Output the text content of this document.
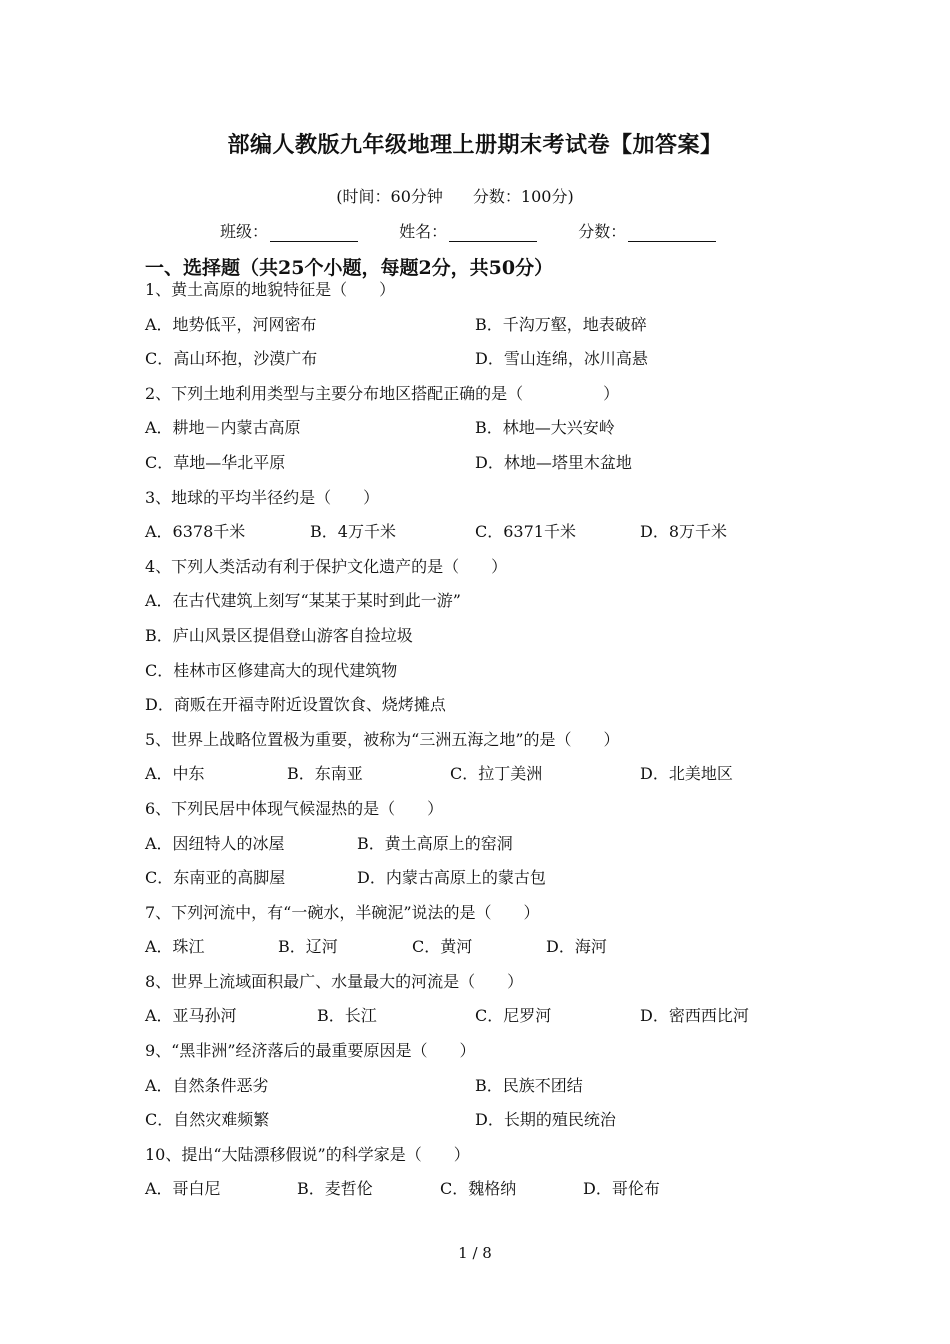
部编人教版九年级地理上册期末考试卷【加答案】
(时间：60分钟 分数：100分)
班级：	姓名：	分数：
一、选择题（共25个小题，每题2分，共50分）
1、黄土高原的地貌特征是（　　）
A．地势低平，河网密布	B．千沟万壑，地表破碎
C．高山环抱，沙漠广布	D．雪山连绵，冰川高悬
2、下列土地利用类型与主要分布地区搭配正确的是（　　　　　）
A．耕地－内蒙古高原	B．林地—大兴安岭
C．草地—华北平原	D．林地—塔里木盆地
3、地球的平均半径约是（　　）
A．6378千米	B．4万千米	C．6371千米	D．8万千米
4、下列人类活动有利于保护文化遗产的是（　　）
A．在古代建筑上刻写“某某于某时到此一游”
B．庐山风景区提倡登山游客自捡垃圾
C．桂林市区修建高大的现代建筑物
D．商贩在开福寺附近设置饮食、烧烤摊点
5、世界上战略位置极为重要，被称为“三洲五海之地”的是（　　）
A．中东	B．东南亚	C．拉丁美洲	D．北美地区
6、下列民居中体现气候湿热的是（　　）
A．因纽特人的冰屋	B．黄土高原上的窑洞
C．东南亚的高脚屋	D．内蒙古高原上的蒙古包
7、下列河流中，有“一碗水，半碗泥”说法的是（　　）
A．珠江	B．辽河	C．黄河	D．海河
8、世界上流域面积最广、水量最大的河流是（　　）
A．亚马孙河	B．长江	C．尼罗河	D．密西西比河
9、“黑非洲”经济落后的最重要原因是（　　）
A．自然条件恶劣	B．民族不团结
C．自然灾难频繁	D．长期的殖民统治
10、提出“大陆漂移假说”的科学家是（　　）
A．哥白尼	B．麦哲伦	C．魏格纳	D．哥伦布
1 / 8
